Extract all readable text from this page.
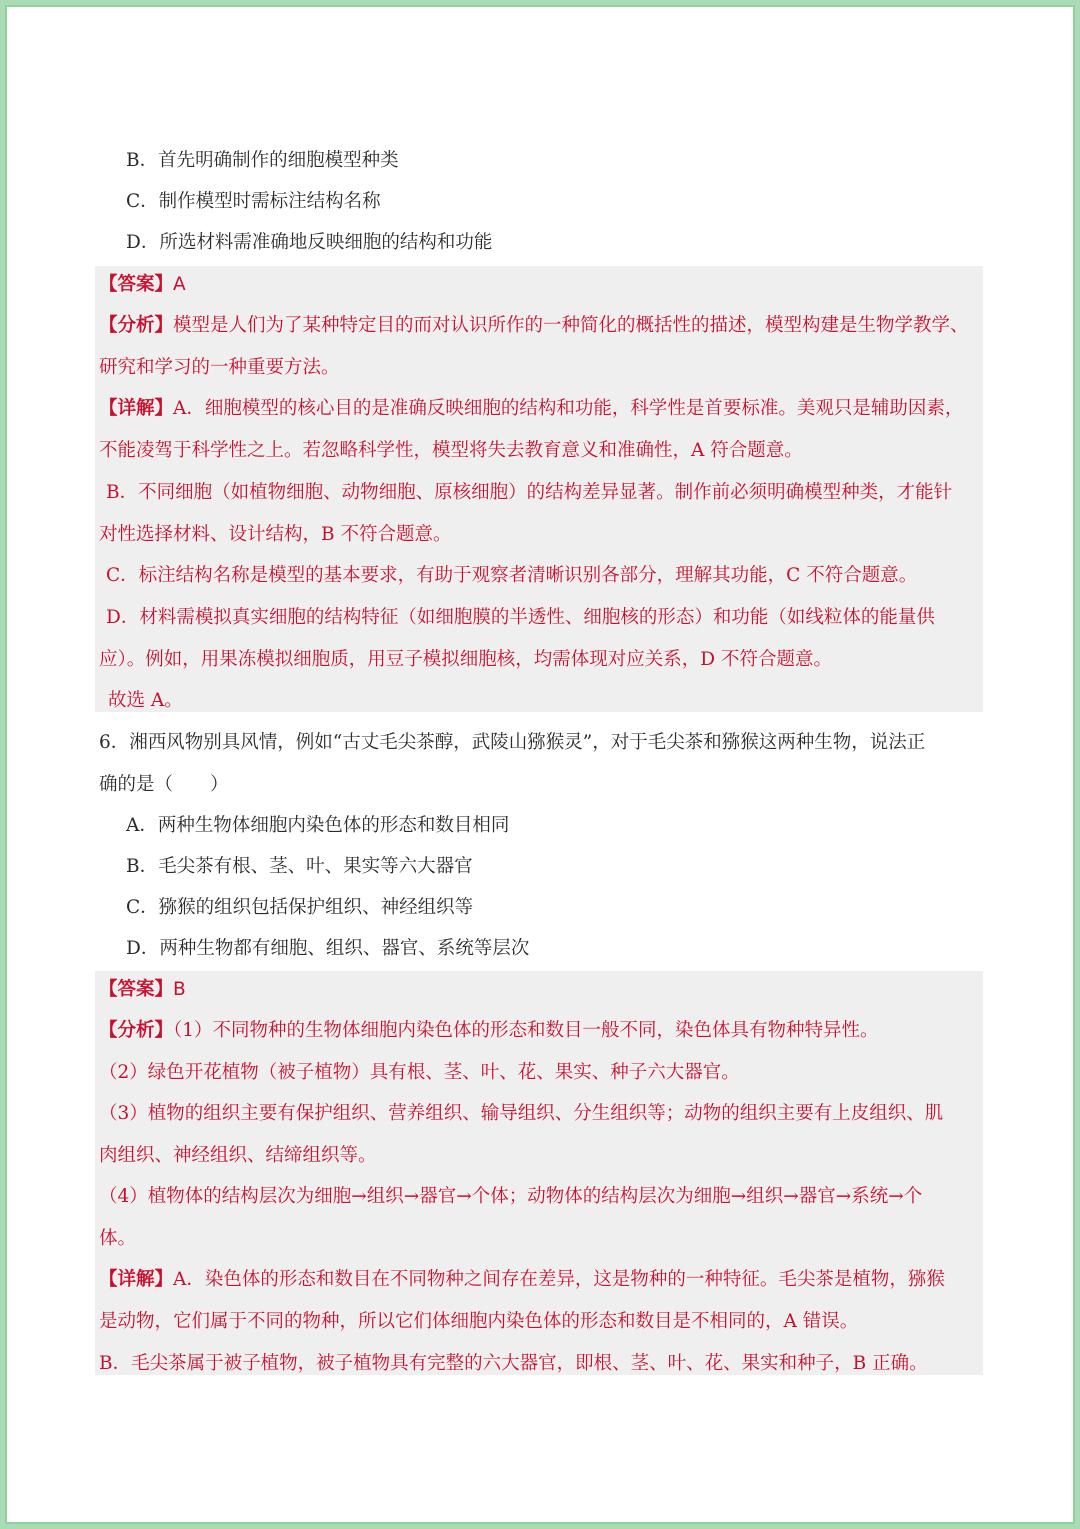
B．首先明确制作的细胞模型种类
C．制作模型时需标注结构名称
D．所选材料需准确地反映细胞的结构和功能
【答案】A
【分析】模型是人们为了某种特定目的而对认识所作的一种简化的概括性的描述，模型构建是生物学教学、
研究和学习的一种重要方法。
【详解】A．细胞模型的核心目的是准确反映细胞的结构和功能，科学性是首要标准。美观只是辅助因素，
不能凌驾于科学性之上。若忽略科学性，模型将失去教育意义和准确性，A 符合题意。
B．不同细胞（如植物细胞、动物细胞、原核细胞）的结构差异显著。制作前必须明确模型种类，才能针
对性选择材料、设计结构，B 不符合题意。
C．标注结构名称是模型的基本要求，有助于观察者清晰识别各部分，理解其功能，C 不符合题意。
D．材料需模拟真实细胞的结构特征（如细胞膜的半透性、细胞核的形态）和功能（如线粒体的能量供
应）。例如，用果冻模拟细胞质，用豆子模拟细胞核，均需体现对应关系，D 不符合题意。
故选 A。
6．湘西风物别具风情，例如“古丈毛尖茶醇，武陵山猕猴灵”，对于毛尖茶和猕猴这两种生物，说法正
确的是（　　）
A．两种生物体细胞内染色体的形态和数目相同
B．毛尖茶有根、茎、叶、果实等六大器官
C．猕猴的组织包括保护组织、神经组织等
D．两种生物都有细胞、组织、器官、系统等层次
【答案】B
【分析】（1）不同物种的生物体细胞内染色体的形态和数目一般不同，染色体具有物种特异性。
（2）绿色开花植物（被子植物）具有根、茎、叶、花、果实、种子六大器官。
（3）植物的组织主要有保护组织、营养组织、输导组织、分生组织等；动物的组织主要有上皮组织、肌
肉组织、神经组织、结缔组织等。
（4）植物体的结构层次为细胞→组织→器官→个体；动物体的结构层次为细胞→组织→器官→系统→个
体。
【详解】A．染色体的形态和数目在不同物种之间存在差异，这是物种的一种特征。毛尖茶是植物，猕猴
是动物，它们属于不同的物种，所以它们体细胞内染色体的形态和数目是不相同的，A 错误。
B．毛尖茶属于被子植物，被子植物具有完整的六大器官，即根、茎、叶、花、果实和种子，B 正确。
